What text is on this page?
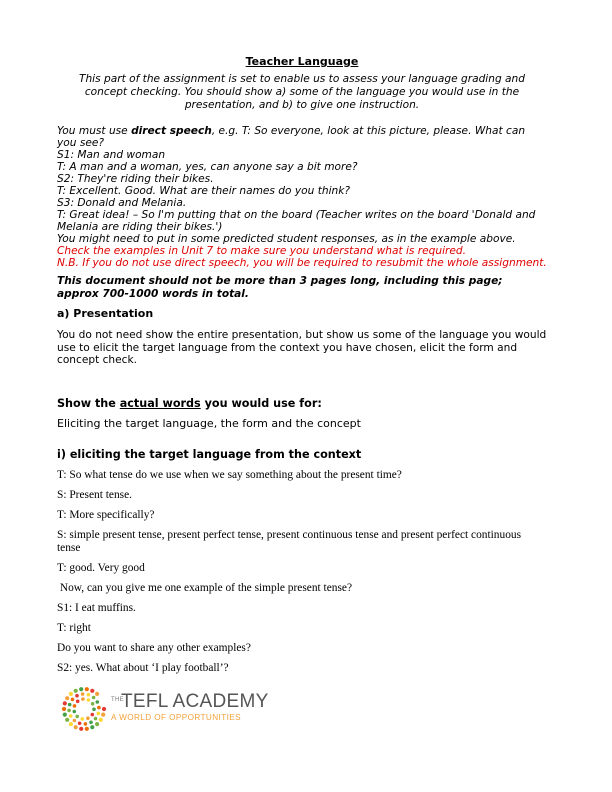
Teacher Language
This part of the assignment is set to enable us to assess your language grading and concept checking. You should show a) some of the language you would use in the presentation, and b) to give one instruction.

You must use direct speech, e.g. T: So everyone, look at this picture, please. What can you see?

S1: Man and woman

T: A man and a woman, yes, can anyone say a bit more?

S2: They're riding their bikes.

T: Excellent. Good. What are their names do you think?

S3: Donald and Melania.

T: Great idea! – So I'm putting that on the board (Teacher writes on the board 'Donald and Melania are riding their bikes.')

You might need to put in some predicted student responses, as in the example above.

Check the examples in Unit 7 to make sure you understand what is required.

N.B. If you do not use direct speech, you will be required to resubmit the whole assignment.

This document should not be more than 3 pages long, including this page; approx 700-1000 words in total.
a) Presentation
You do not need show the entire presentation, but show us some of the language you would use to elicit the target language from the context you have chosen, elicit the form and concept check.
Show the actual words you would use for:
Eliciting the target language, the form and the concept
i) eliciting the target language from the context

T: So what tense do we use when we say something about the present time?

S: Present tense.

T: More specifically?

S: simple present tense, present perfect tense, present continuous tense and present perfect continuous tense

T: good. Very good

Now, can you give me one example of the simple present tense?

S1: I eat muffins.

T: right

Do you want to share any other examples?

S2: yes. What about ‘I play football’?

THETEFL ACADEMY
A WORLD OF OPPORTUNITIES
